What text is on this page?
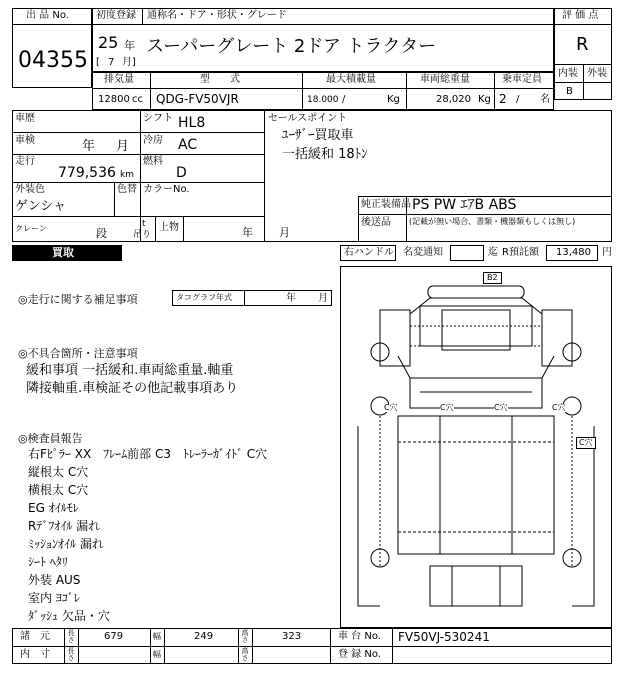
出 品 No.
04355
初度登録 通称名・ドア・形状・グレード
25 年
[ 7 月]
スーパーグレート 2ドア トラクター
評 価 点
R
内装 外装
B
排気量	型　　式	最大積載量	車両総重量	乗車定員
12800 cc QDG-FV50VJR	18.000 /	Kg	28,020 Kg 2 / 名
車歴
車検	年 月
走行
779,536 km
シフト HL8
冷房 AC
燃料
D
外装色
ゲンシャ
色替 カラーNo.
クレーン	段
t
吊り
上物	年 月
セールスポイント
ﾕｰｻﾞｰ買取車
一括緩和 18ﾄﾝ
純正装備品 PS PW ｴｱB ABS
後送品 (記載が無い場合、書類・機器類もしくは無し)
買取	右ハンドル 名変通知	迄 R預託額 13,480 円
◎走行に関する補足事項	タコグラフ年式	年 月
◎不具合箇所・注意事項
緩和事項 一括緩和.車両総重量.軸重
隣接軸重.車検証その他記載事項あり
◎検査員報告
右Fﾋﾟﾗｰ XX　ﾌﾚｰﾑ前部 C3　ﾄﾚｰﾗｰｶﾞｲﾄﾞ C穴
縦根太 C穴
横根太 C穴
EG ｵｲﾙﾓﾚ
Rﾃﾞﾌｵｲﾙ 漏れ
ﾐｯｼｮﾝｵｲﾙ 漏れ
ｼｰﾄ ﾍﾀﾘ
外装 AUS
室内 ﾖｺﾞﾚ
ﾀﾞｯｼｭ 欠品・穴
B2
C穴	C穴	C穴	C穴
C穴
諸　元	長さ	679	幅	249	高さ	323	車 台 No. FV50VJ-530241
内　寸	長さ	幅	高さ	登 録 No.
